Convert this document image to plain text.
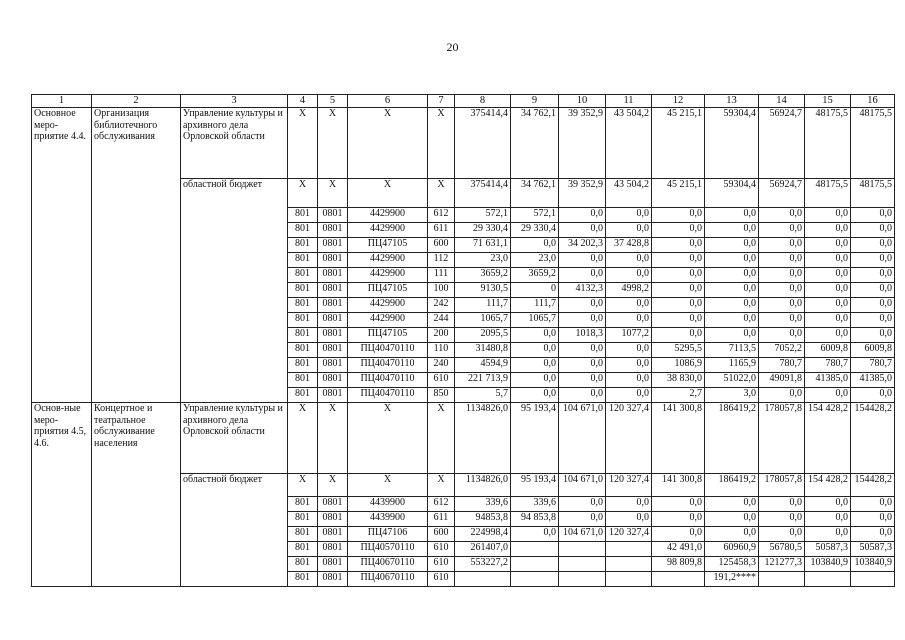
20
1	2	3	4	5	6	7	8	9	10	11	12	13	14	15	16
Основное меро-приятие 4.4.	Организация библиотечного обслуживания	Управление культуры и архивного дела Орловской области	X	X	X	X	375414,4	34 762,1	39 352,9	43 504,2	45 215,1	59304,4	56924,7	48175,5	48175,5
		областной бюджет	X	X	X	X	375414,4	34 762,1	39 352,9	43 504,2	45 215,1	59304,4	56924,7	48175,5	48175,5
			801	0801	4429900	612	572,1	572,1	0,0	0,0	0,0	0,0	0,0	0,0	0,0
			801	0801	4429900	611	29 330,4	29 330,4	0,0	0,0	0,0	0,0	0,0	0,0	0,0
			801	0801	ПЦ47105	600	71 631,1	0,0	34 202,3	37 428,8	0,0	0,0	0,0	0,0	0,0
			801	0801	4429900	112	23,0	23,0	0,0	0,0	0,0	0,0	0,0	0,0	0,0
			801	0801	4429900	111	3659,2	3659,2	0,0	0,0	0,0	0,0	0,0	0,0	0,0
			801	0801	ПЦ47105	100	9130,5	0	4132,3	4998,2	0,0	0,0	0,0	0,0	0,0
			801	0801	4429900	242	111,7	111,7	0,0	0,0	0,0	0,0	0,0	0,0	0,0
			801	0801	4429900	244	1065,7	1065,7	0,0	0,0	0,0	0,0	0,0	0,0	0,0
			801	0801	ПЦ47105	200	2095,5	0,0	1018,3	1077,2	0,0	0,0	0,0	0,0	0,0
			801	0801	ПЦ40470110	110	31480,8	0,0	0,0	0,0	5295,5	7113,5	7052,2	6009,8	6009,8
			801	0801	ПЦ40470110	240	4594,9	0,0	0,0	0,0	1086,9	1165,9	780,7	780,7	780,7
			801	0801	ПЦ40470110	610	221 713,9	0,0	0,0	0,0	38 830,0	51022,0	49091,8	41385,0	41385,0
			801	0801	ПЦ40470110	850	5,7	0,0	0,0	0,0	2,7	3,0	0,0	0,0	0,0
Основ-ные меро-приятия 4.5, 4.6.	Концертное и театральное обслуживание населения	Управление культуры и архивного дела Орловской области	X	X	X	X	1134826,0	95 193,4	104 671,0	120 327,4	141 300,8	186419,2	178057,8	154 428,2	154428,2
		областной бюджет	X	X	X	X	1134826,0	95 193,4	104 671,0	120 327,4	141 300,8	186419,2	178057,8	154 428,2	154428,2
			801	0801	4439900	612	339,6	339,6	0,0	0,0	0,0	0,0	0,0	0,0	0,0
			801	0801	4439900	611	94853,8	94 853,8	0,0	0,0	0,0	0,0	0,0	0,0	0,0
			801	0801	ПЦ47106	600	224998,4	0,0	104 671,0	120 327,4	0,0	0,0	0,0	0,0	0,0
			801	0801	ПЦ40570110	610	261407,0				42 491,0	60960,9	56780,5	50587,3	50587,3
			801	0801	ПЦ40670110	610	553227,2				98 809,8	125458,3	121277,3	103840,9	103840,9
			801	0801	ПЦ40670110	610						191,2****			
